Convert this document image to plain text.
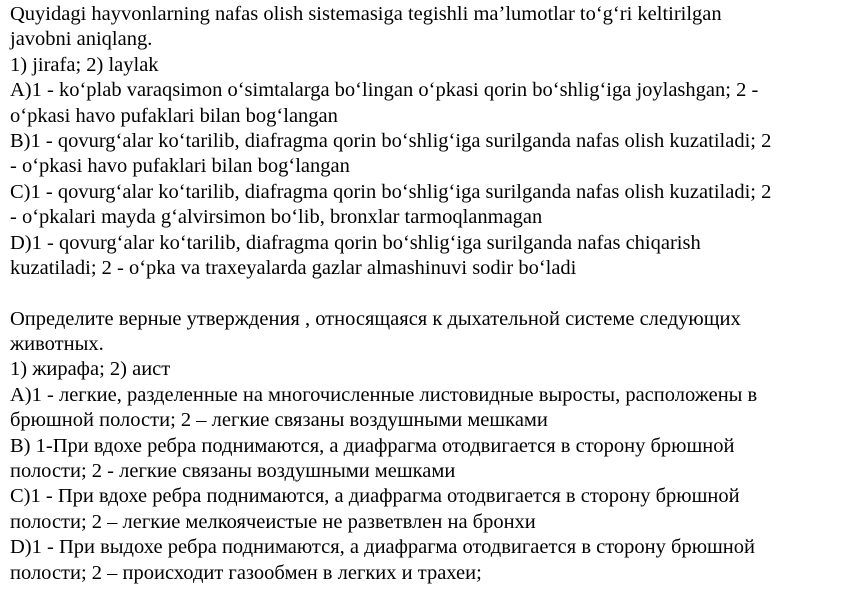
Quyidagi hayvonlarning nafas olish sistemasiga tegishli maʼlumotlar toʻgʻri keltirilgan
javobni aniqlang.
1) jirafa; 2) laylak
A)1 - koʻplab varaqsimon oʻsimtalarga boʻlingan oʻpkasi qorin boʻshligʻiga joylashgan; 2 -
oʻpkasi havo pufaklari bilan bogʻlangan
B)1 - qovurgʻalar koʻtarilib, diafragma qorin boʻshligʻiga surilganda nafas olish kuzatiladi; 2
- oʻpkasi havo pufaklari bilan bogʻlangan
C)1 - qovurgʻalar koʻtarilib, diafragma qorin boʻshligʻiga surilganda nafas olish kuzatiladi; 2
- oʻpkalari mayda gʻalvirsimon boʻlib, bronxlar tarmoqlanmagan
D)1 - qovurgʻalar koʻtarilib, diafragma qorin boʻshligʻiga surilganda nafas chiqarish
kuzatiladi; 2 - oʻpka va traxeyalarda gazlar almashinuvi sodir boʻladi
Определите верные утверждения , относящаяся к дыхательной системе следующих
животных.
1) жирафа; 2) аист
A)1 - легкие, разделенные на многочисленные листовидные выросты, расположены в
брюшной полости; 2 – легкие связаны воздушными мешками
B) 1-При вдохе ребра поднимаются, а диафрагма отодвигается в сторону брюшной
полости; 2 - легкие связаны воздушными мешками
C)1 - При вдохе ребра поднимаются, а диафрагма отодвигается в сторону брюшной
полости; 2 – легкие мелкоячеистые не разветвлен на бронхи
D)1 - При выдохе ребра поднимаются, а диафрагма отодвигается в сторону брюшной
полости; 2 – происходит газообмен в легких и трахеи;
